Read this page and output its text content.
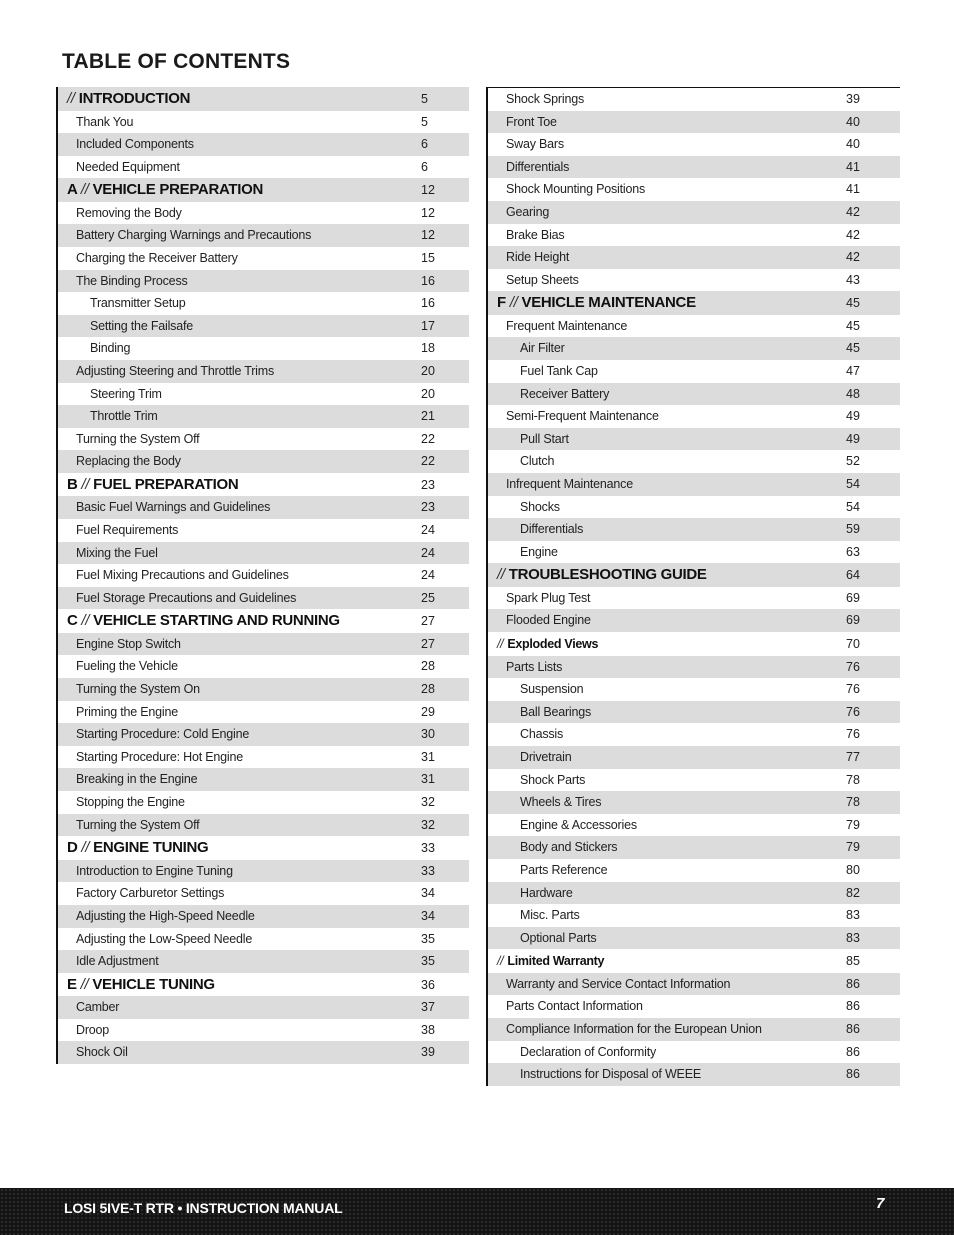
TABLE OF CONTENTS
// INTRODUCTION	5
Thank You	5
Included Components	6
Needed Equipment	6
A // VEHICLE PREPARATION	12
Removing the Body	12
Battery Charging Warnings and Precautions	12
Charging the Receiver Battery	15
The Binding Process	16
Transmitter Setup	16
Setting the Failsafe	17
Binding	18
Adjusting Steering and Throttle Trims	20
Steering Trim	20
Throttle Trim	21
Turning the System Off	22
Replacing the Body	22
B // FUEL PREPARATION	23
Basic Fuel Warnings and Guidelines	23
Fuel Requirements	24
Mixing the Fuel	24
Fuel Mixing Precautions and Guidelines	24
Fuel Storage Precautions and Guidelines	25
C // VEHICLE STARTING AND RUNNING	27
Engine Stop Switch	27
Fueling the Vehicle	28
Turning the System On	28
Priming the Engine	29
Starting Procedure: Cold Engine	30
Starting Procedure: Hot Engine	31
Breaking in the Engine	31
Stopping the Engine	32
Turning the System Off	32
D // ENGINE TUNING	33
Introduction to Engine Tuning	33
Factory Carburetor Settings	34
Adjusting the High-Speed Needle	34
Adjusting the Low-Speed Needle	35
Idle Adjustment	35
E // VEHICLE TUNING	36
Camber	37
Droop	38
Shock Oil	39
Shock Springs	39
Front Toe	40
Sway Bars	40
Differentials	41
Shock Mounting Positions	41
Gearing	42
Brake Bias	42
Ride Height	42
Setup Sheets	43
F // VEHICLE MAINTENANCE	45
Frequent Maintenance	45
Air Filter	45
Fuel Tank Cap	47
Receiver Battery	48
Semi-Frequent Maintenance	49
Pull Start	49
Clutch	52
Infrequent Maintenance	54
Shocks	54
Differentials	59
Engine	63
// TROUBLESHOOTING GUIDE	64
Spark Plug Test	69
Flooded Engine	69
// Exploded Views	70
Parts Lists	76
Suspension	76
Ball Bearings	76
Chassis	76
Drivetrain	77
Shock Parts	78
Wheels & Tires	78
Engine & Accessories	79
Body and Stickers	79
Parts Reference	80
Hardware	82
Misc. Parts	83
Optional Parts	83
// Limited Warranty	85
Warranty and Service Contact Information	86
Parts Contact Information	86
Compliance Information for the European Union	86
Declaration of Conformity	86
Instructions for Disposal of WEEE	86
LOSI 5IVE-T RTR • INSTRUCTION MANUAL	7
